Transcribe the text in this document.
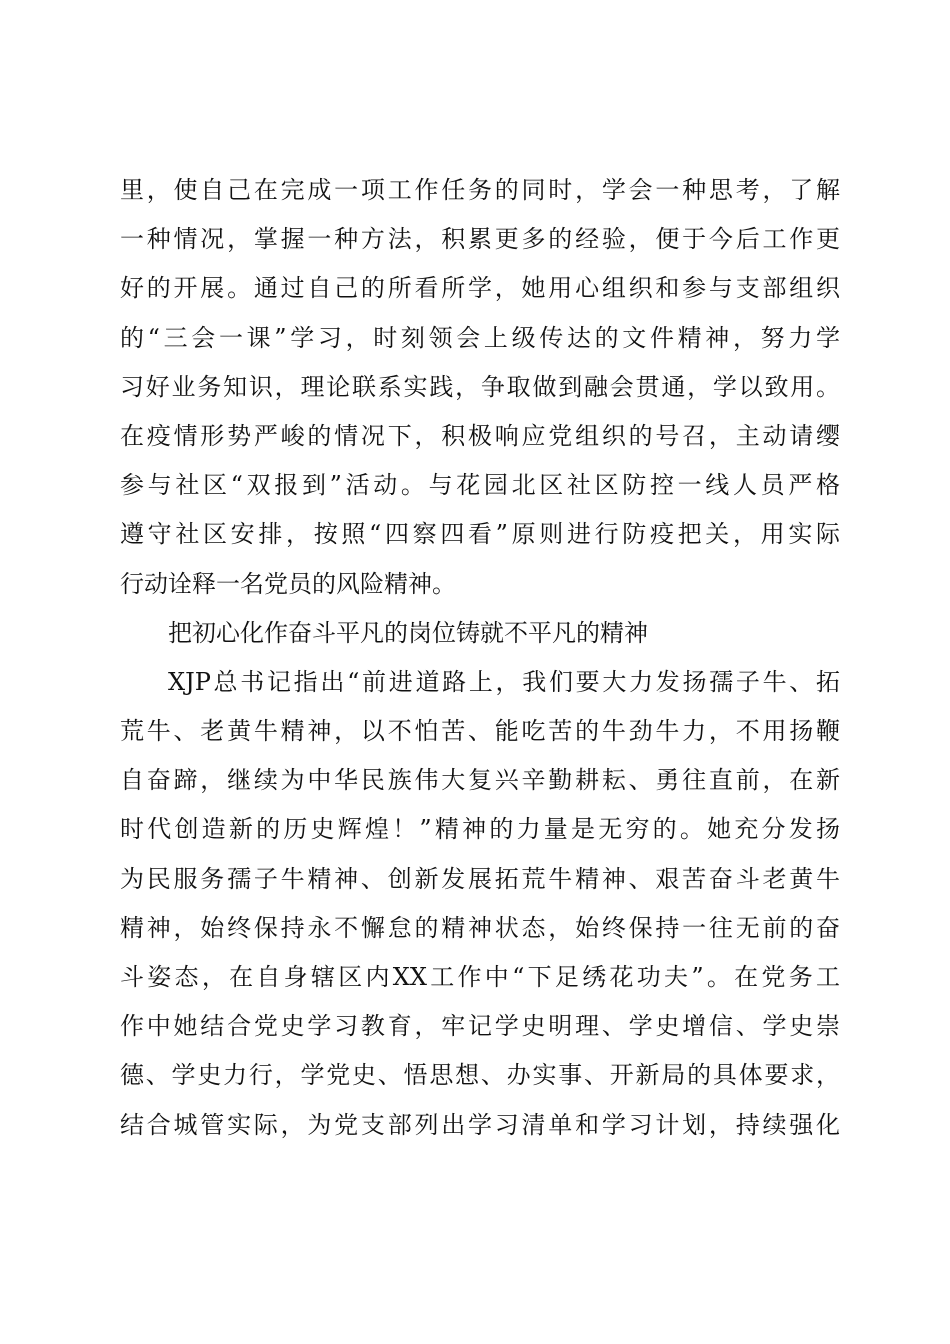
里，使自己在完成一项工作任务的同时，学会一种思考，了解
一种情况，掌握一种方法，积累更多的经验，便于今后工作更
好的开展。通过自己的所看所学，她用心组织和参与支部组织
的“三会一课”学习，时刻领会上级传达的文件精神，努力学
习好业务知识，理论联系实践，争取做到融会贯通，学以致用。
在疫情形势严峻的情况下，积极响应党组织的号召，主动请缨
参与社区“双报到”活动。与花园北区社区防控一线人员严格
遵守社区安排，按照“四察四看”原则进行防疫把关，用实际
行动诠释一名党员的风险精神。
把初心化作奋斗平凡的岗位铸就不平凡的精神
XJP总书记指出“前进道路上，我们要大力发扬孺子牛、拓
荒牛、老黄牛精神，以不怕苦、能吃苦的牛劲牛力，不用扬鞭
自奋蹄，继续为中华民族伟大复兴辛勤耕耘、勇往直前，在新
时代创造新的历史辉煌！”精神的力量是无穷的。她充分发扬
为民服务孺子牛精神、创新发展拓荒牛精神、艰苦奋斗老黄牛
精神，始终保持永不懈怠的精神状态，始终保持一往无前的奋
斗姿态，在自身辖区内XX工作中“下足绣花功夫”。在党务工
作中她结合党史学习教育，牢记学史明理、学史增信、学史崇
德、学史力行，学党史、悟思想、办实事、开新局的具体要求，
结合城管实际，为党支部列出学习清单和学习计划，持续强化
